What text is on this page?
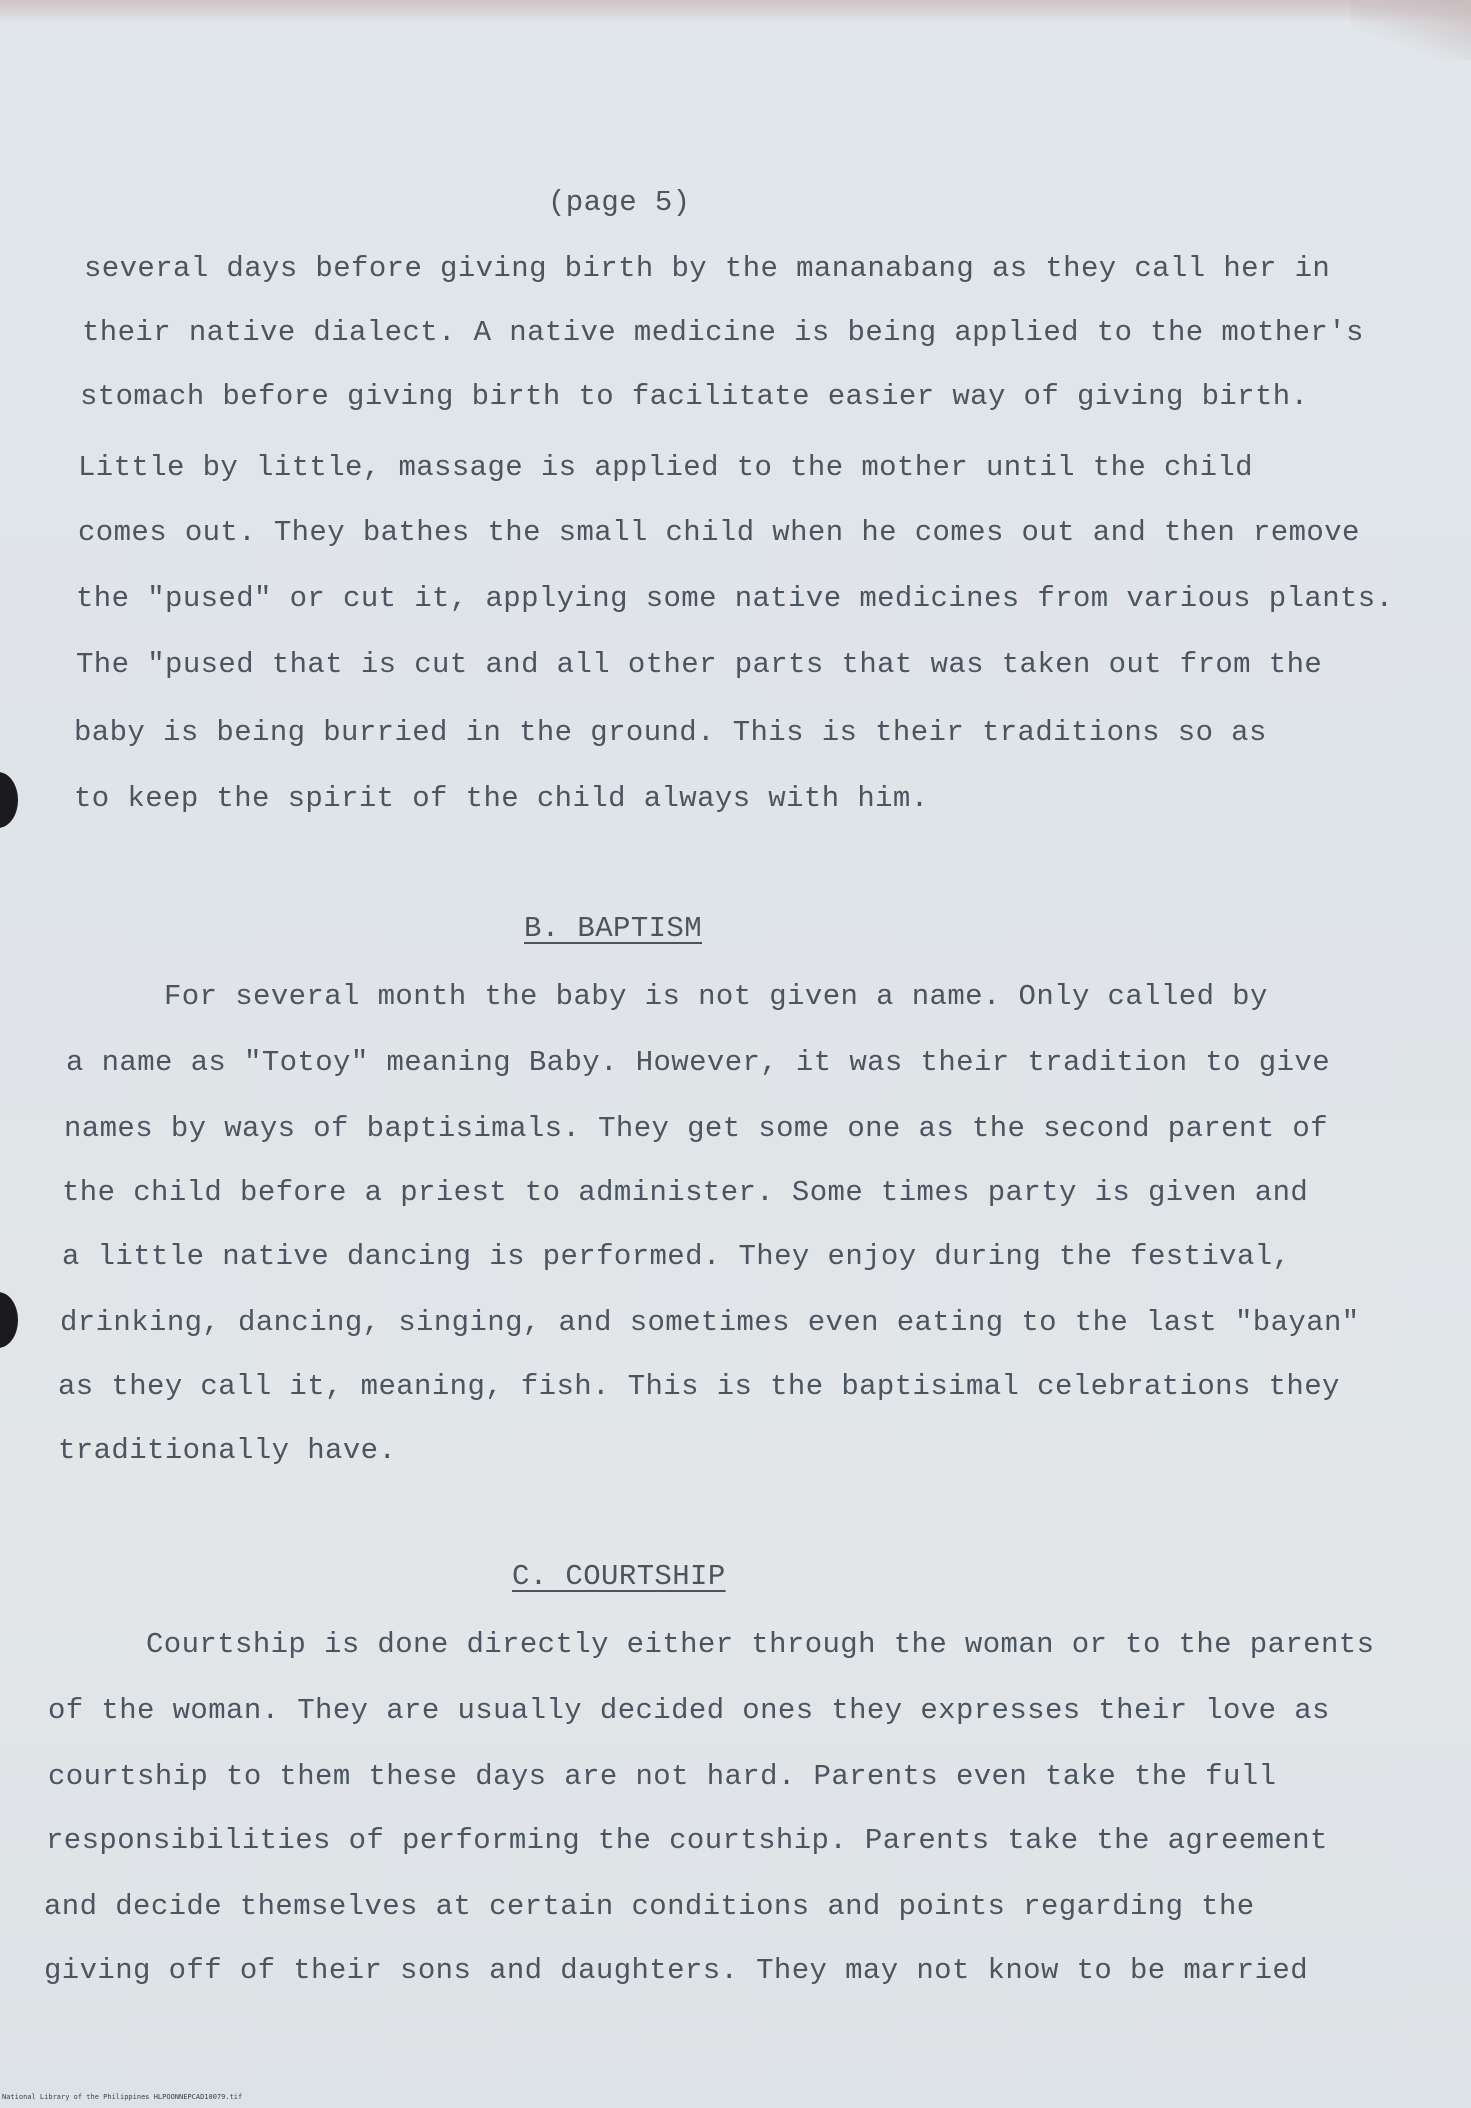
(page 5)

several days before giving birth by the mananabang as they call her in

their native dialect. A native medicine is being applied to the mother's

stomach before giving birth to facilitate easier way of giving birth.

Little by little, massage is applied to the mother until the child

comes out. They bathes the small child when he comes out and then remove

the "pused" or cut it, applying some native medicines from various plants.

The "pused that is cut and all other parts that was taken out from the

baby is being burried in the ground. This is their traditions so as

to keep the spirit of the child always with him.

B. BAPTISM

For several month the baby is not given a name. Only called by

a name as "Totoy" meaning Baby. However, it was their tradition to give

names by ways of baptisimals. They get some one as the second parent of

the child before a priest to administer. Some times party is given and

a little native dancing is performed. They enjoy during the festival,

drinking, dancing, singing, and sometimes even eating to the last "bayan"

as they call it, meaning, fish. This is the baptisimal celebrations they

traditionally have.

C. COURTSHIP

Courtship is done directly either through the woman or to the parents

of the woman. They are usually decided ones they expresses their love as

courtship to them these days are not hard. Parents even take the full

responsibilities of performing the courtship. Parents take the agreement

and decide themselves at certain conditions and points regarding the

giving off of their sons and daughters. They may not know to be married

National Library of the Philippines HLPOONNEPCAD10079.tif
